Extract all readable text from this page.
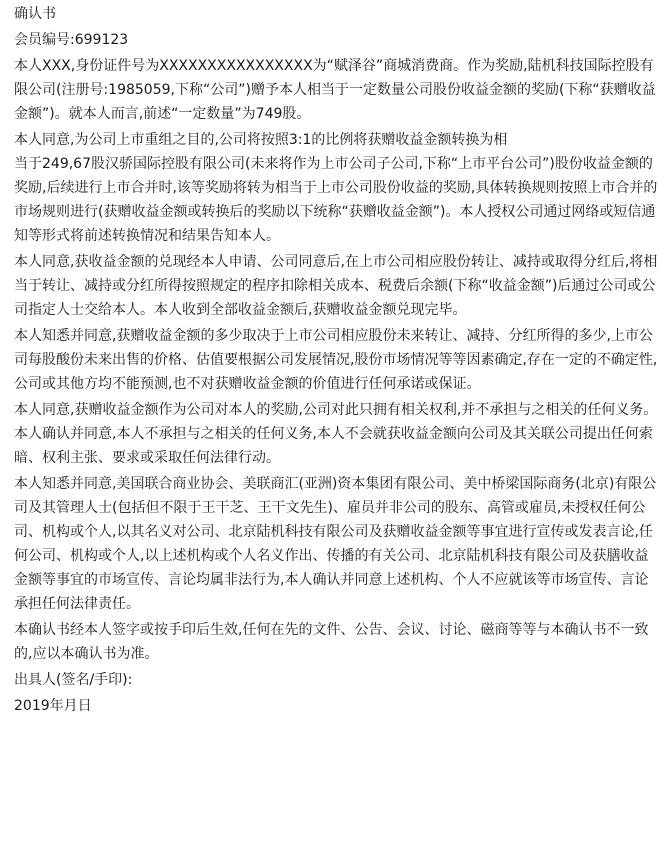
确认书
会员编号:699123
本人XXX,身份证件号为XXXXXXXXXXXXXXXX为“赋泽谷”商城消费商。作为奖励,陆机科技国际控股有限公司(注册号:1985059,下称“公司”)赠予本人相当于一定数量公司股份收益金额的奖励(下称“获赠收益金额”)。就本人而言,前述“一定数量”为749股。
本人同意,为公司上市重组之目的,公司将按照3:1的比例将获赠收益金额转换为相
当于249,67股汉骄国际控股有限公司(未来将作为上市公司子公司,下称“上市平台公司”)股份收益金额的奖励,后续进行上市合并时,该等奖励将转为相当于上市公司股份收益的奖励,具体转换规则按照上市合并的市场规则进行(获赠收益金额或转换后的奖励以下统称“获赠收益金额”)。本人授权公司通过网络或短信通知等形式将前述转换情况和结果告知本人。
本人同意,获收益金额的兑现经本人申请、公司同意后,在上市公司相应股份转让、减持或取得分红后,将相当于转让、减持或分红所得按照规定的程序扣除相关成本、税费后余额(下称“收益金额”)后通过公司或公司指定人士交给本人。本人收到全部收益金额后,获赠收益金额兑现完毕。
本人知悉并同意,获赠收益金额的多少取决于上市公司相应股份未来转让、减持、分红所得的多少,上市公司每股酸份未来出售的价格、估值要根据公司发展情况,股份市场情况等等因素确定,存在一定的不确定性,公司或其他方均不能预测,也不对获赠收益金额的价值进行任何承诺或保证。
本人同意,获赠收益金额作为公司对本人的奖励,公司对此只拥有相关权利,并不承担与之相关的任何义务。本人确认并同意,本人不承担与之相关的任何义务,本人不会就获收益金额向公司及其关联公司提出任何索暗、权利主张、要求或采取任何法律行动。
本人知悉并同意,美国联合商业协会、美联商汇(亚洲)资本集团有限公司、美中桥梁国际商务(北京)有限公司及其管理人士(包括但不限于王干芝、王干文先生)、雇员并非公司的股东、高管或雇员,未授权任何公司、机构或个人,以其名义对公司、北京陆机科技有限公司及获赠收益金额等事宜进行宣传或发表言论,任何公司、机构或个人,以上述机构或个人名义作出、传播的有关公司、北京陆机科技有限公司及获膳收益金额等事宜的市场宣传、言论均属非法行为,本人确认并同意上述机构、个人不应就该等市场宣传、言论承担任何法律责任。
本确认书经本人签字或按手印后生效,任何在先的文件、公告、会议、讨论、磁商等等与本确认书不一致的,应以本确认书为准。
出具人(签名/手印):
2019年月日
